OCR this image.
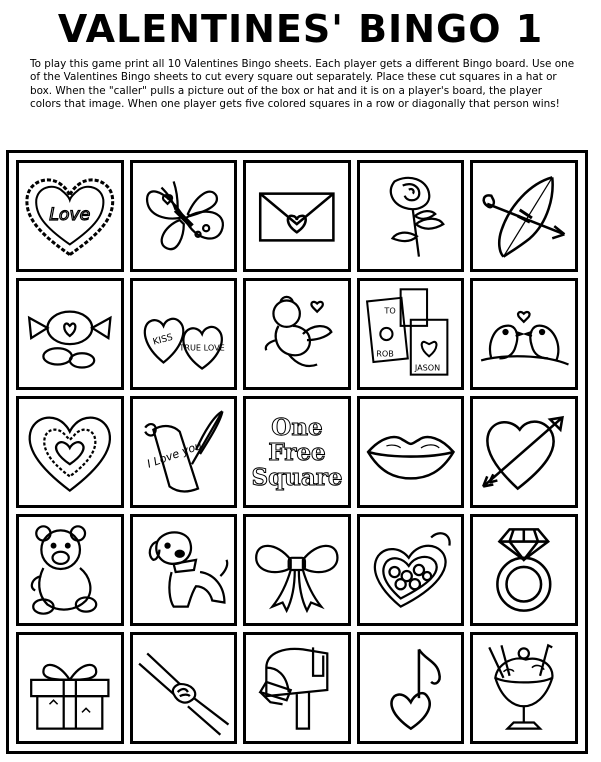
VALENTINES' BINGO 1
To play this game print all 10 Valentines Bingo sheets. Each player gets a different Bingo board. Use one of the Valentines Bingo sheets to cut every square out separately. Place these cut squares in a hat or box. When the "caller" pulls a picture out of the box or hat and it is on a player's board, the player colors that image. When one player gets five colored squares in a row or diagonally that person wins!
Love
KISS TRUE LOVE
TO
ROB
JASON
I Love you
One
Free
Square
